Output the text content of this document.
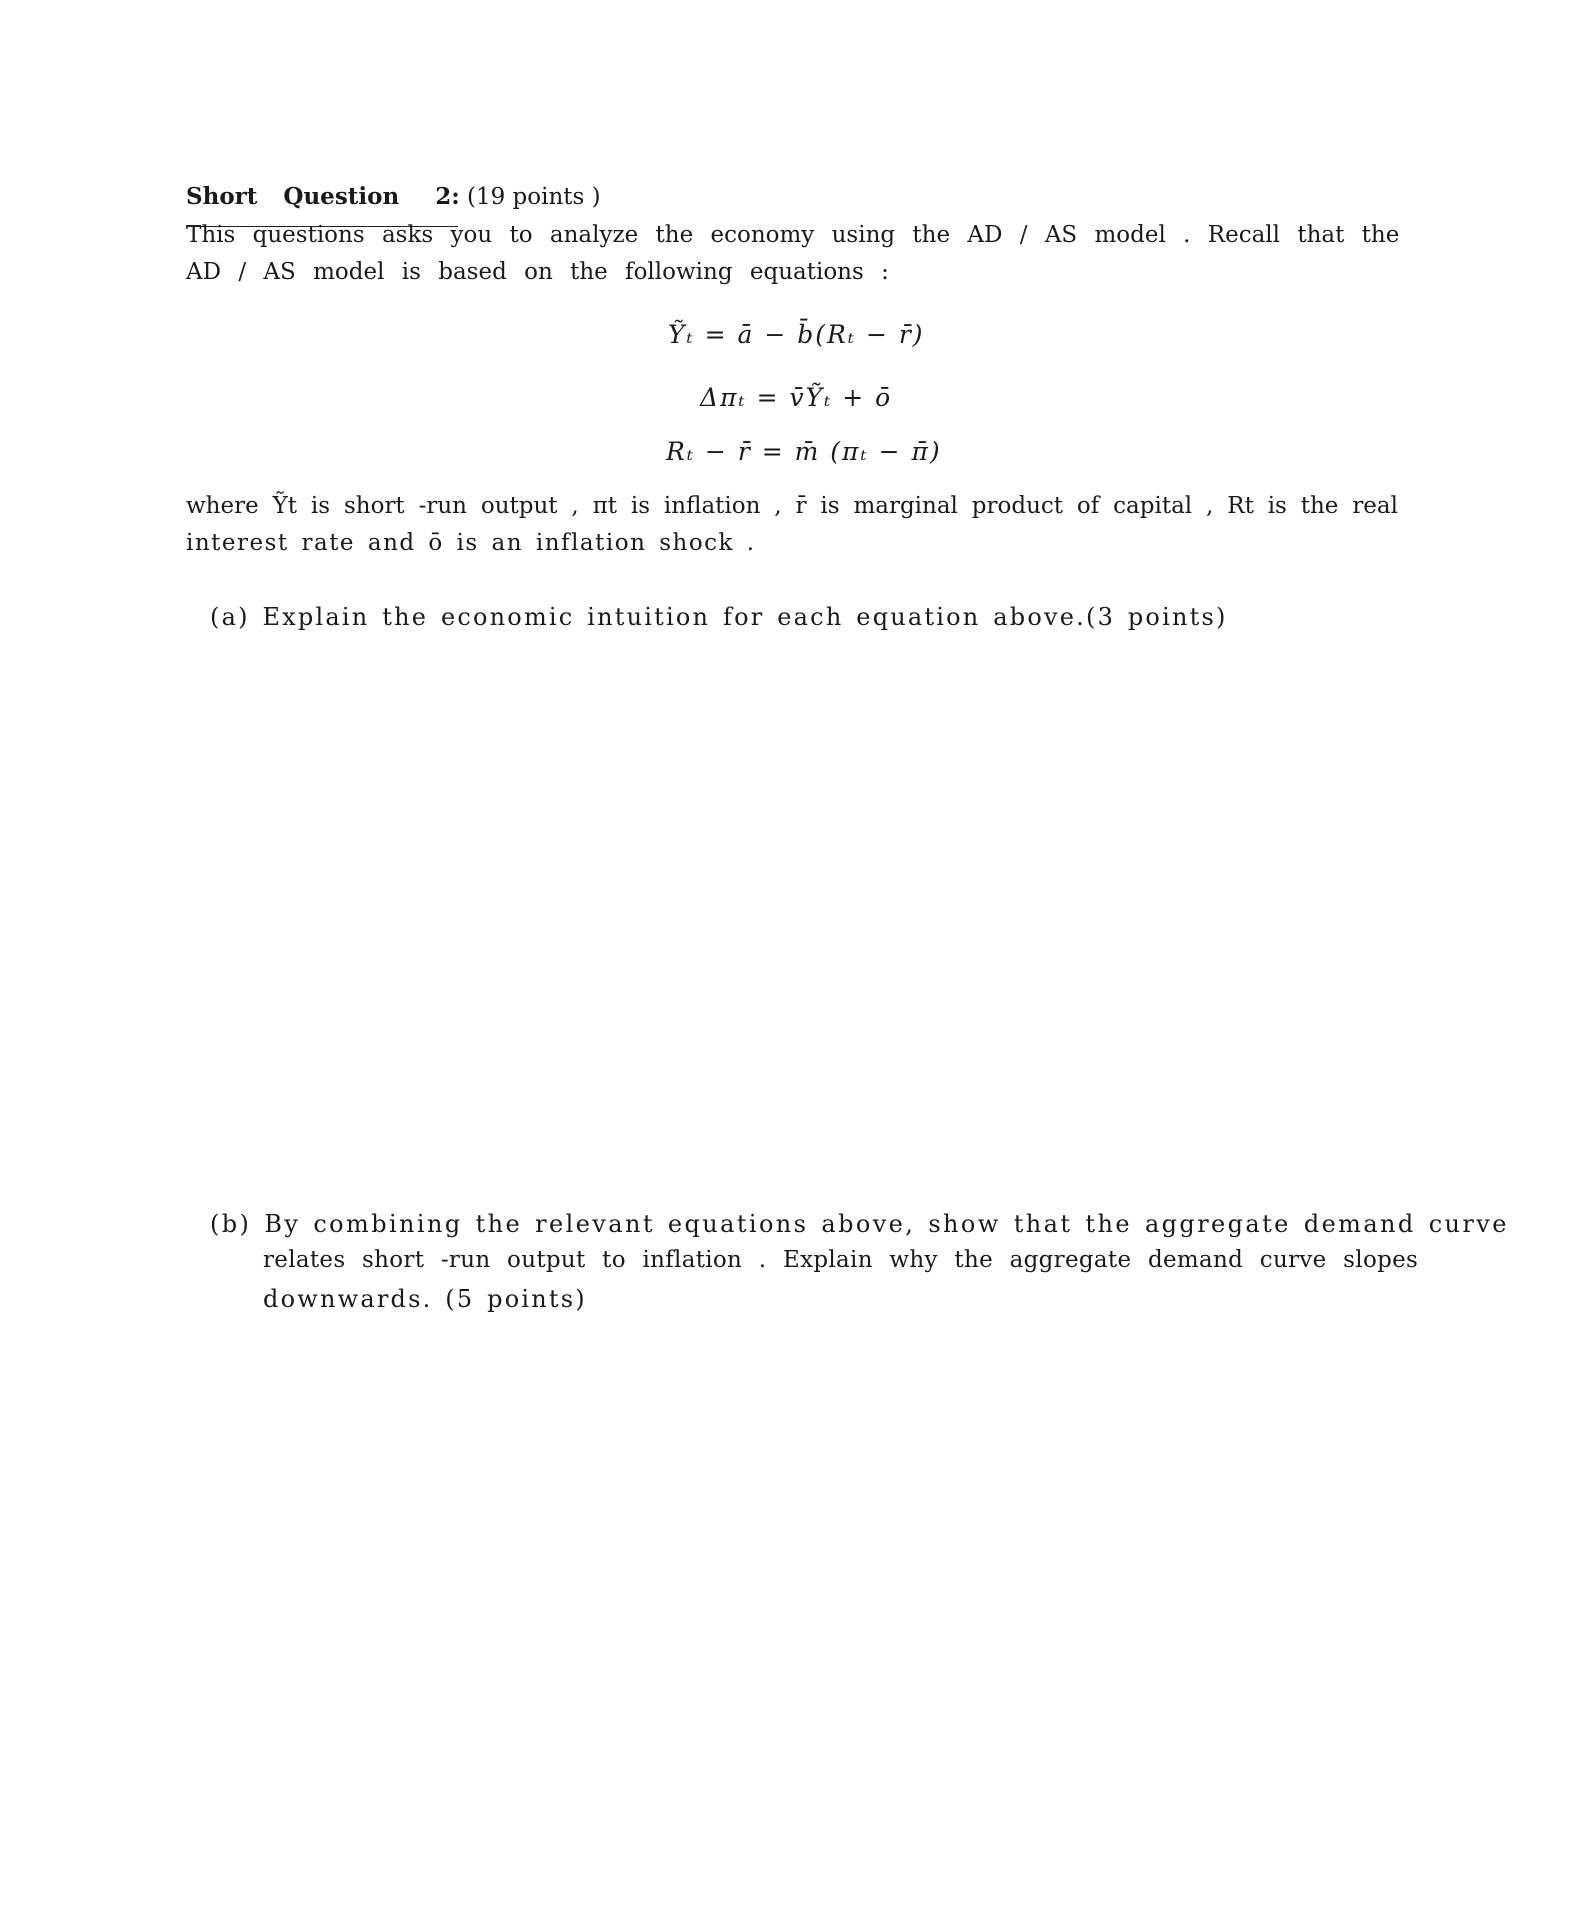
Short Question 2: (19 points )
This questions asks you to analyze the economy using the AD / AS model . Recall that the
AD / AS model is based on the following equations :
Ỹₜ = ā − b̄(Rₜ − r̄)
Δπₜ = v̄Ỹₜ + ō
Rₜ − r̄ = m̄ (πₜ − π̄)
where Ỹt is short -run output , πt is inflation , r̄ is marginal product of capital , Rt is the real
interest rate and ō is an inflation shock .
(a) Explain the economic intuition for each equation above.(3 points)
(b) By combining the relevant equations above, show that the aggregate demand curve
relates short -run output to inflation . Explain why the aggregate demand curve slopes
downwards. (5 points)
